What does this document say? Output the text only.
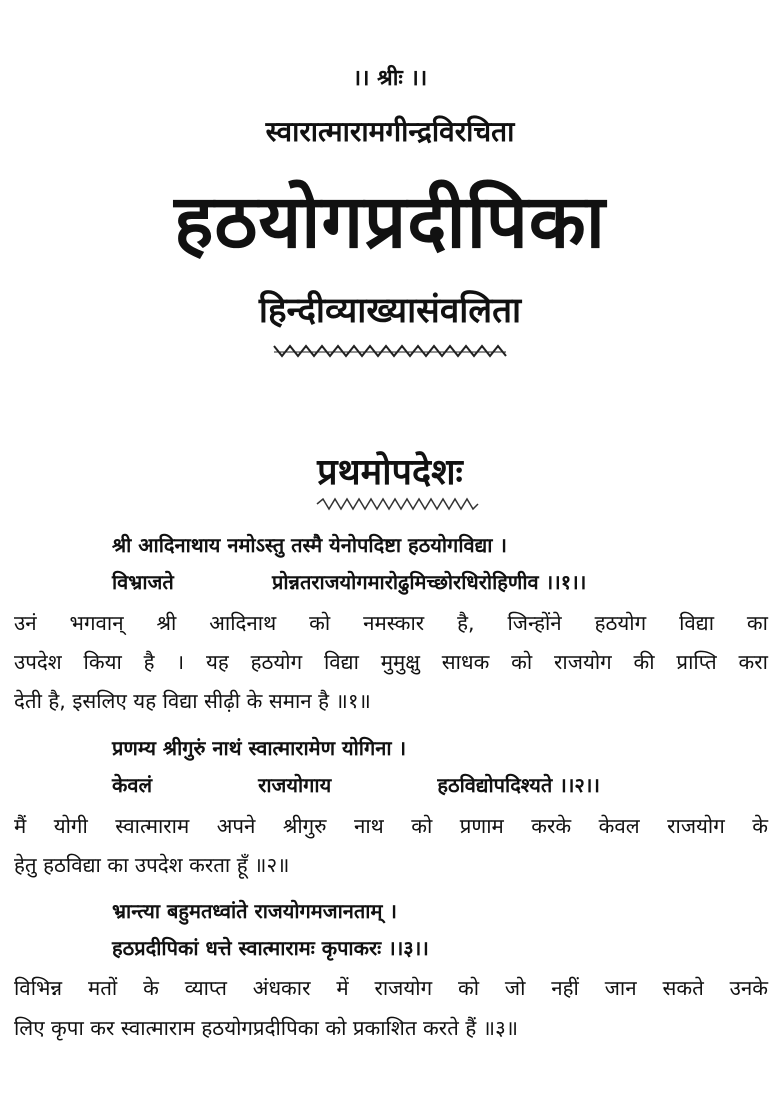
।। श्रीः ।।
स्वारात्मारामगीन्द्रविरचिता
हठयोगप्रदीपिका
हिन्दीव्याख्यासंवलिता
प्रथमोपदेशः
श्री आदिनाथाय नमोऽस्तु तस्मै येनोपदिष्टा हठयोगविद्या ।
विभ्राजते	प्रोन्नतराजयोगमारोढुमिच्छोरधिरोहिणीव ।।१।।
उनं भगवान् श्री आदिनाथ को नमस्कार है, जिन्होंने हठयोग विद्या का
उपदेश किया है । यह हठयोग विद्या मुमुक्षु साधक को राजयोग की प्राप्ति करा
देती है, इसलिए यह विद्या सीढ़ी के समान है ॥१॥
प्रणम्य श्रीगुरुं नाथं स्वात्मारामेण योगिना ।
केवलं	राजयोगाय	हठविद्योपदिश्यते ।।२।।
मैं योगी स्वात्माराम अपने श्रीगुरु नाथ को प्रणाम करके केवल राजयोग के
हेतु हठविद्या का उपदेश करता हूँ ॥२॥
भ्रान्त्या बहुमतध्वांते राजयोगमजानताम् ।
हठप्रदीपिकां धत्ते स्वात्मारामः कृपाकरः ।।३।।
विभिन्न मतों के व्याप्त अंधकार में राजयोग को जो नहीं जान सकते उनके
लिए कृपा कर स्वात्माराम हठयोगप्रदीपिका को प्रकाशित करते हैं ॥३॥
